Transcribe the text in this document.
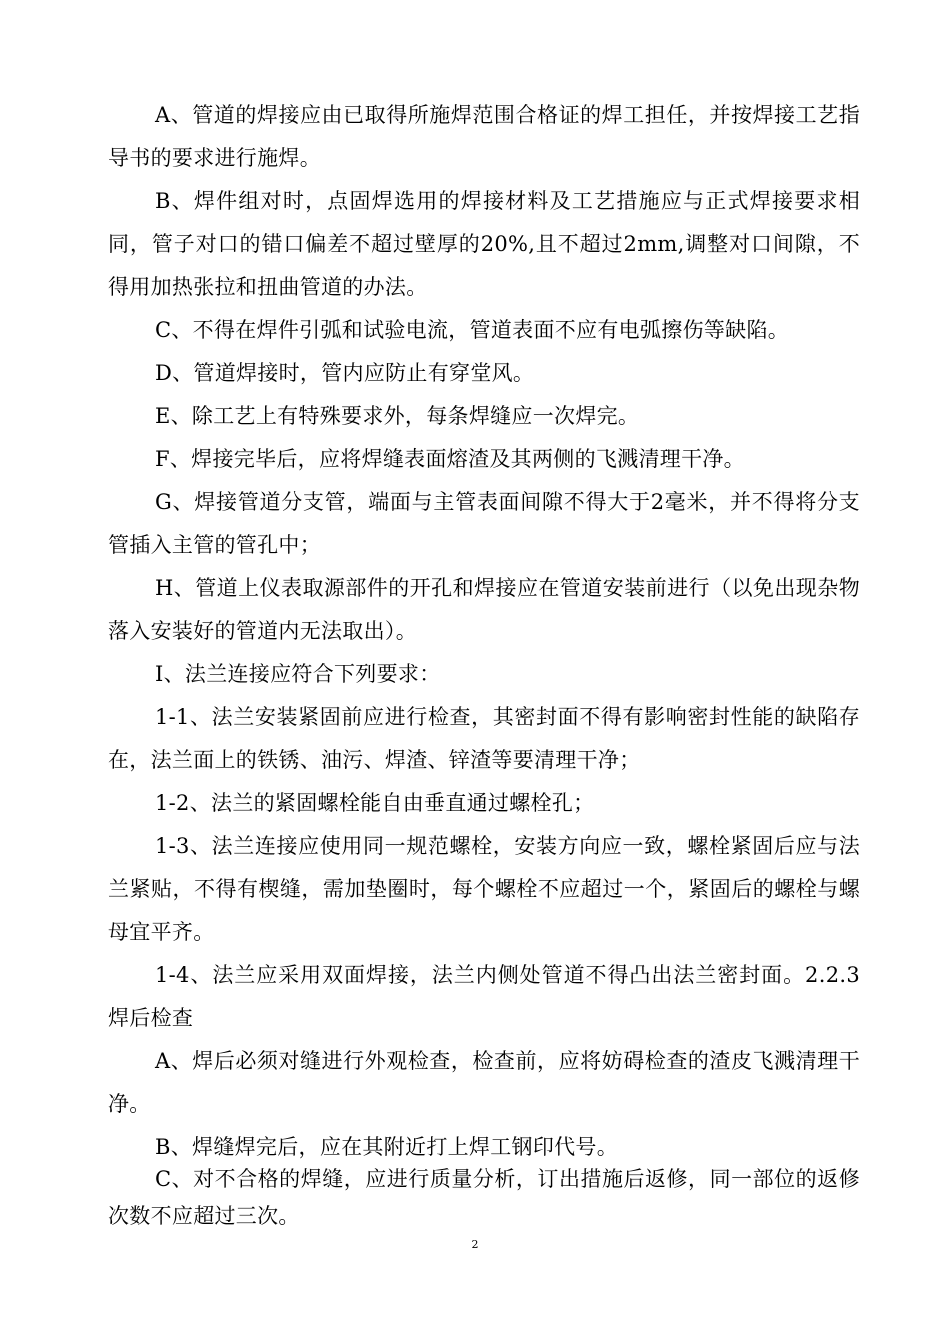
A、管道的焊接应由已取得所施焊范围合格证的焊工担任，并按焊接工艺指导书的要求进行施焊。

B、焊件组对时，点固焊选用的焊接材料及工艺措施应与正式焊接要求相同，管子对口的错口偏差不超过壁厚的20%,且不超过2mm,调整对口间隙，不得用加热张拉和扭曲管道的办法。

C、不得在焊件引弧和试验电流，管道表面不应有电弧擦伤等缺陷。

D、管道焊接时，管内应防止有穿堂风。

E、除工艺上有特殊要求外，每条焊缝应一次焊完。

F、焊接完毕后，应将焊缝表面熔渣及其两侧的飞溅清理干净。

G、焊接管道分支管，端面与主管表面间隙不得大于2毫米，并不得将分支管插入主管的管孔中；

H、管道上仪表取源部件的开孔和焊接应在管道安装前进行（以免出现杂物落入安装好的管道内无法取出）。

I、法兰连接应符合下列要求：

1-1、法兰安装紧固前应进行检查，其密封面不得有影响密封性能的缺陷存在，法兰面上的铁锈、油污、焊渣、锌渣等要清理干净；

1-2、法兰的紧固螺栓能自由垂直通过螺栓孔；

1-3、法兰连接应使用同一规范螺栓，安装方向应一致，螺栓紧固后应与法兰紧贴，不得有楔缝，需加垫圈时，每个螺栓不应超过一个，紧固后的螺栓与螺母宜平齐。

1-4、法兰应采用双面焊接，法兰内侧处管道不得凸出法兰密封面。2.2.3焊后检查

A、焊后必须对缝进行外观检查，检查前，应将妨碍检查的渣皮飞溅清理干净。

B、焊缝焊完后，应在其附近打上焊工钢印代号。

C、对不合格的焊缝，应进行质量分析，订出措施后返修，同一部位的返修次数不应超过三次。

2
